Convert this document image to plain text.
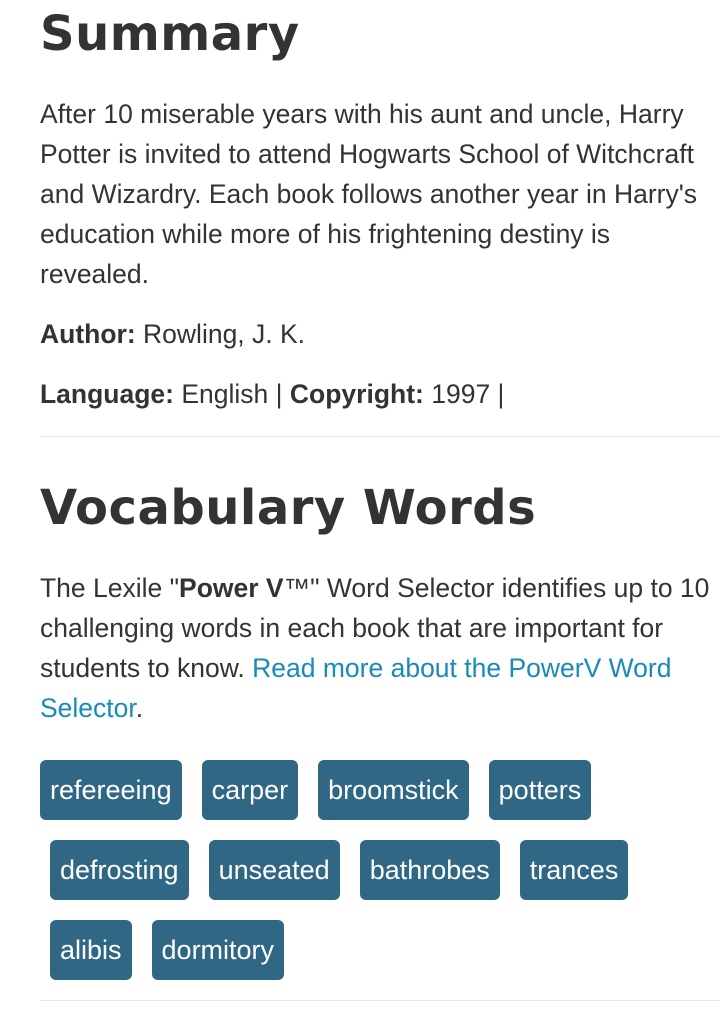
Summary

After 10 miserable years with his aunt and uncle, Harry Potter is invited to attend Hogwarts School of Witchcraft and Wizardry. Each book follows another year in Harry's education while more of his frightening destiny is revealed.

Author: Rowling, J. K.

Language: English | Copyright: 1997 |

Vocabulary Words

The Lexile "Power V™" Word Selector identifies up to 10 challenging words in each book that are important for students to know. Read more about the PowerV Word Selector.

refereeing	carper	broomstick	potters
defrosting	unseated	bathrobes	trances
alibis	dormitory
